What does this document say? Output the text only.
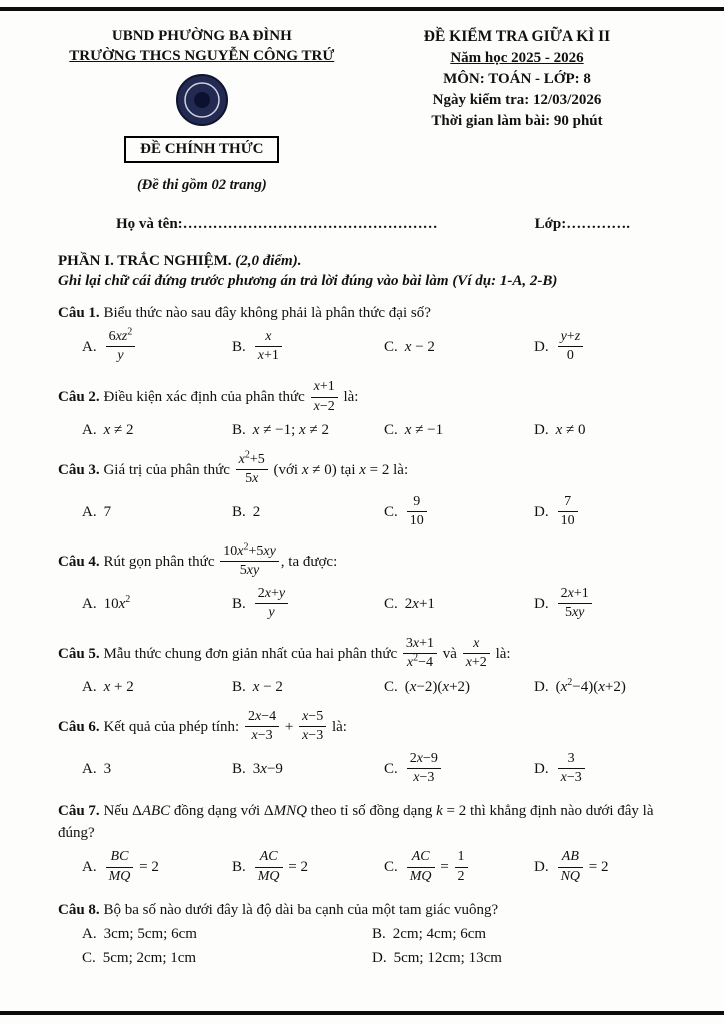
UBND PHƯỜNG BA ĐÌNH
TRƯỜNG THCS NGUYỄN CÔNG TRỨ
ĐỀ CHÍNH THỨC
(Đề thi gồm 02 trang)
ĐỀ KIỂM TRA GIỮA KÌ II
Năm học 2025 - 2026
MÔN: TOÁN - LỚP: 8
Ngày kiểm tra: 12/03/2026
Thời gian làm bài: 90 phút
Họ và tên:……………………………………………	Lớp:………….
PHẦN I. TRẮC NGHIỆM. (2,0 điểm).
Ghi lại chữ cái đứng trước phương án trả lời đúng vào bài làm (Ví dụ: 1-A, 2-B)
Câu 1. Biểu thức nào sau đây không phải là phân thức đại số?
A. $\frac{6xz^2}{y}$	B. $\frac{x}{x+1}$	C. x − 2	D. $\frac{y+z}{0}$
Câu 2. Điều kiện xác định của phân thức $\frac{x+1}{x-2}$ là:
A. x ≠ 2	B. x ≠ −1; x ≠ 2	C. x ≠ −1	D. x ≠ 0
Câu 3. Giá trị của phân thức $\frac{x^2+5}{5x}$ (với x ≠ 0) tại x = 2 là:
A. 7	B. 2	C. $\frac{9}{10}$	D. $\frac{7}{10}$
Câu 4. Rút gọn phân thức $\frac{10x^2+5xy}{5xy}$ , ta được:
A. $10x^2$	B. $\frac{2x+y}{y}$	C. 2x+1	D. $\frac{2x+1}{5xy}$
Câu 5. Mẫu thức chung đơn giản nhất của hai phân thức $\frac{3x+1}{x^2-4}$ và $\frac{x}{x+2}$ là:
A. x + 2	B. x − 2	C. (x−2)(x+2)	D. $(x^2-4)(x+2)$
Câu 6. Kết quả của phép tính: $\frac{2x-4}{x-3} + \frac{x-5}{x-3}$ là:
A. 3	B. 3x−9	C. $\frac{2x-9}{x-3}$	D. $\frac{3}{x-3}$
Câu 7. Nếu ΔABC đồng dạng với ΔMNQ theo tỉ số đồng dạng k = 2 thì khẳng định nào dưới đây là đúng?
A. $\frac{BC}{MQ} = 2$	B. $\frac{AC}{MQ} = 2$	C. $\frac{AC}{MQ} = \frac{1}{2}$	D. $\frac{AB}{NQ} = 2$
Câu 8. Bộ ba số nào dưới đây là độ dài ba cạnh của một tam giác vuông?
A. 3cm; 5cm; 6cm	B. 2cm; 4cm; 6cm
C. 5cm; 2cm; 1cm	D. 5cm; 12cm; 13cm
